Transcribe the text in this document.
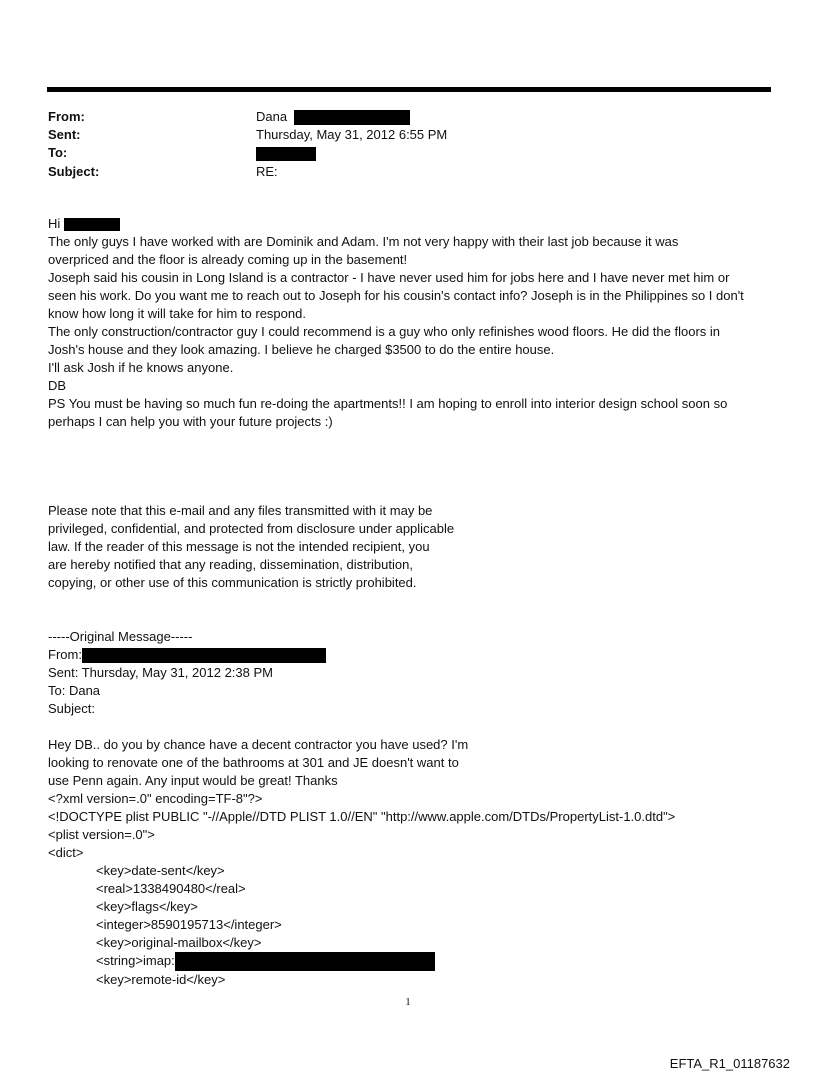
From:	Dana
Sent:	Thursday, May 31, 2012 6:55 PM
To:
Subject:	RE:

Hi

The only guys I have worked with are Dominik and Adam. I'm not very happy with their last job because it was

overpriced and the floor is already coming up in the basement!

Joseph said his cousin in Long Island is a contractor - I have never used him for jobs here and I have never met him or

seen his work. Do you want me to reach out to Joseph for his cousin's contact info? Joseph is in the Philippines so I don't

know how long it will take for him to respond.

The only construction/contractor guy I could recommend is a guy who only refinishes wood floors. He did the floors in

Josh's house and they look amazing. I believe he charged $3500 to do the entire house.

I'll ask Josh if he knows anyone.

DB

PS You must be having so much fun re-doing the apartments!! I am hoping to enroll into interior design school soon so

perhaps I can help you with your future projects :)

Please note that this e-mail and any files transmitted with it may be

privileged, confidential, and protected from disclosure under applicable

law. If the reader of this message is not the intended recipient, you

are hereby notified that any reading, dissemination, distribution,

copying, or other use of this communication is strictly prohibited.

-----Original Message-----

From:

Sent: Thursday, May 31, 2012 2:38 PM

To: Dana

Subject:

Hey DB.. do you by chance have a decent contractor you have used? I'm

looking to renovate one of the bathrooms at 301 and JE doesn't want to

use Penn again. Any input would be great! Thanks

<?xml version=.0" encoding=TF-8"?>

<!DOCTYPE plist PUBLIC "-//Apple//DTD PLIST 1.0//EN" "http://www.apple.com/DTDs/PropertyList-1.0.dtd">

<plist version=.0">

<dict>

<key>date-sent</key>

<real>1338490480</real>

<key>flags</key>

<integer>8590195713</integer>

<key>original-mailbox</key>

<string>imap:

<key>remote-id</key>

1
EFTA_R1_01187632
